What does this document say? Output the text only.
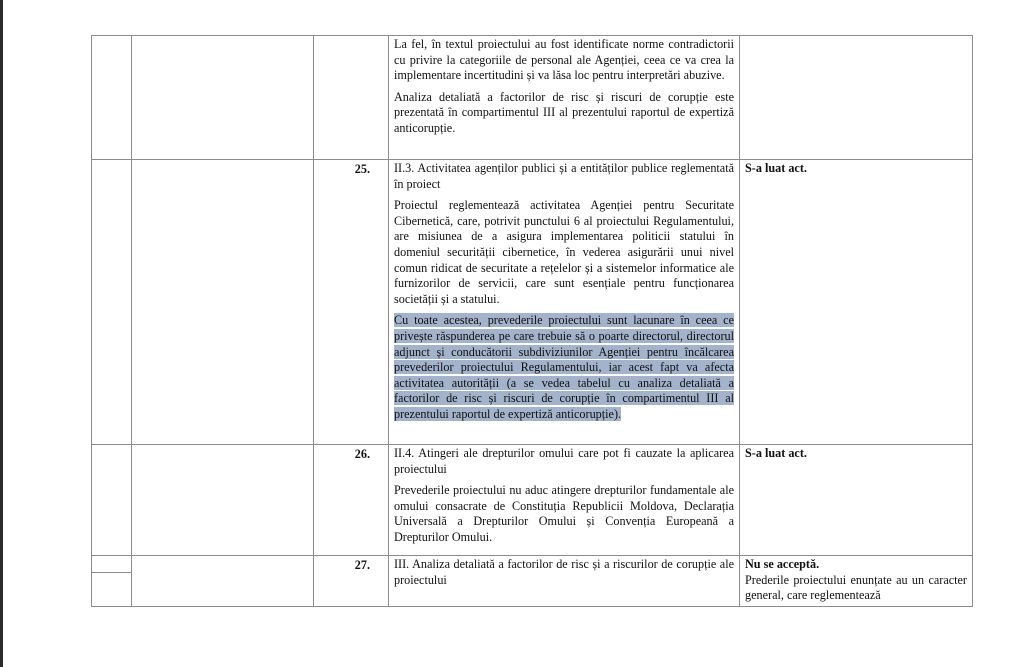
			La fel, în textul proiectului au fost identificate norme contradictorii cu privire la categoriile de personal ale Agenției, ceea ce va crea la implementare incertitudini și va lăsa loc pentru interpretări abuzive.

Analiza detaliată a factorilor de risc și riscuri de corupție este prezentată în compartimentul III al prezentului raportul de expertiză anticorupție.	

		25.	II.3. Activitatea agenților publici și a entităților publice reglementată în proiect

Proiectul reglementează activitatea Agenției pentru Securitate Cibernetică, care, potrivit punctului 6 al proiectului Regulamentului, are misiunea de a asigura implementarea politicii statului în domeniul securității cibernetice, în vederea asigurării unui nivel comun ridicat de securitate a rețelelor și a sistemelor informatice ale furnizorilor de servicii, care sunt esențiale pentru funcționarea societății și a statului.

Cu toate acestea, prevederile proiectului sunt lacunare în ceea ce privește răspunderea pe care trebuie să o poarte directorul, directorul adjunct și conducătorii subdiviziunilor Agenției pentru încălcarea prevederilor proiectului Regulamentului, iar acest fapt va afecta activitatea autorității (a se vedea tabelul cu analiza detaliată a factorilor de risc și riscuri de corupție în compartimentul III al prezentului raportul de expertiză anticorupție).	S-a luat act.

		26.	II.4. Atingeri ale drepturilor omului care pot fi cauzate la aplicarea proiectului

Prevederile proiectului nu aduc atingere drepturilor fundamentale ale omului consacrate de Constituția Republicii Moldova, Declarația Universală a Drepturilor Omului și Convenția Europeană a Drepturilor Omului.	S-a luat act.

		27.	III. Analiza detaliată a factorilor de risc și a riscurilor de corupție ale proiectului	Nu se acceptă.

Prederile proiectului enunțate au un caracter general, care reglementează
